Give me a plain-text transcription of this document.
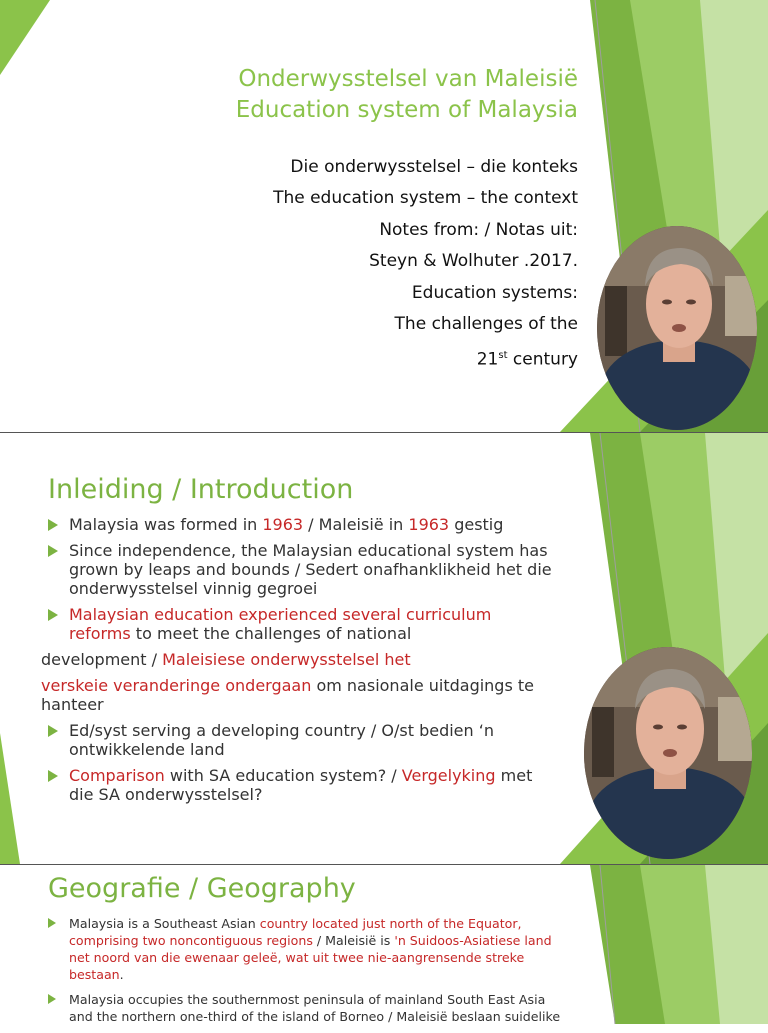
Onderwysstelsel van Maleisië
Education system of Malaysia
Die onderwysstelsel – die konteks
The education system – the context
Notes from: / Notas uit:
Steyn & Wolhuter .2017.
Education systems:
The challenges of the
21st century
Inleiding / Introduction
Malaysia was formed in 1963 / Maleisië in 1963 gestig
Since independence, the Malaysian educational system has grown by leaps and bounds / Sedert onafhanklikheid het die onderwysstelsel vinnig gegroei
Malaysian education experienced several curriculum reforms to meet the challenges of national
development / Maleisiese onderwysstelsel het
verskeie veranderinge ondergaan om nasionale uitdagings te hanteer
Ed/syst serving a developing country / O/st bedien ‘n ontwikkelende land
Comparison with SA education system? / Vergelyking met die SA onderwysstelsel?
Geografie / Geography
Malaysia is a Southeast Asian country located just north of the Equator, comprising two noncontiguous regions / Maleisië is 'n Suidoos-Asiatiese land net noord van die ewenaar geleë, wat uit twee nie-aangrensende streke bestaan.
Malaysia occupies the southernmost peninsula of mainland South East Asia and the northern one-third of the island of Borneo / Maleisië beslaan suidelike
